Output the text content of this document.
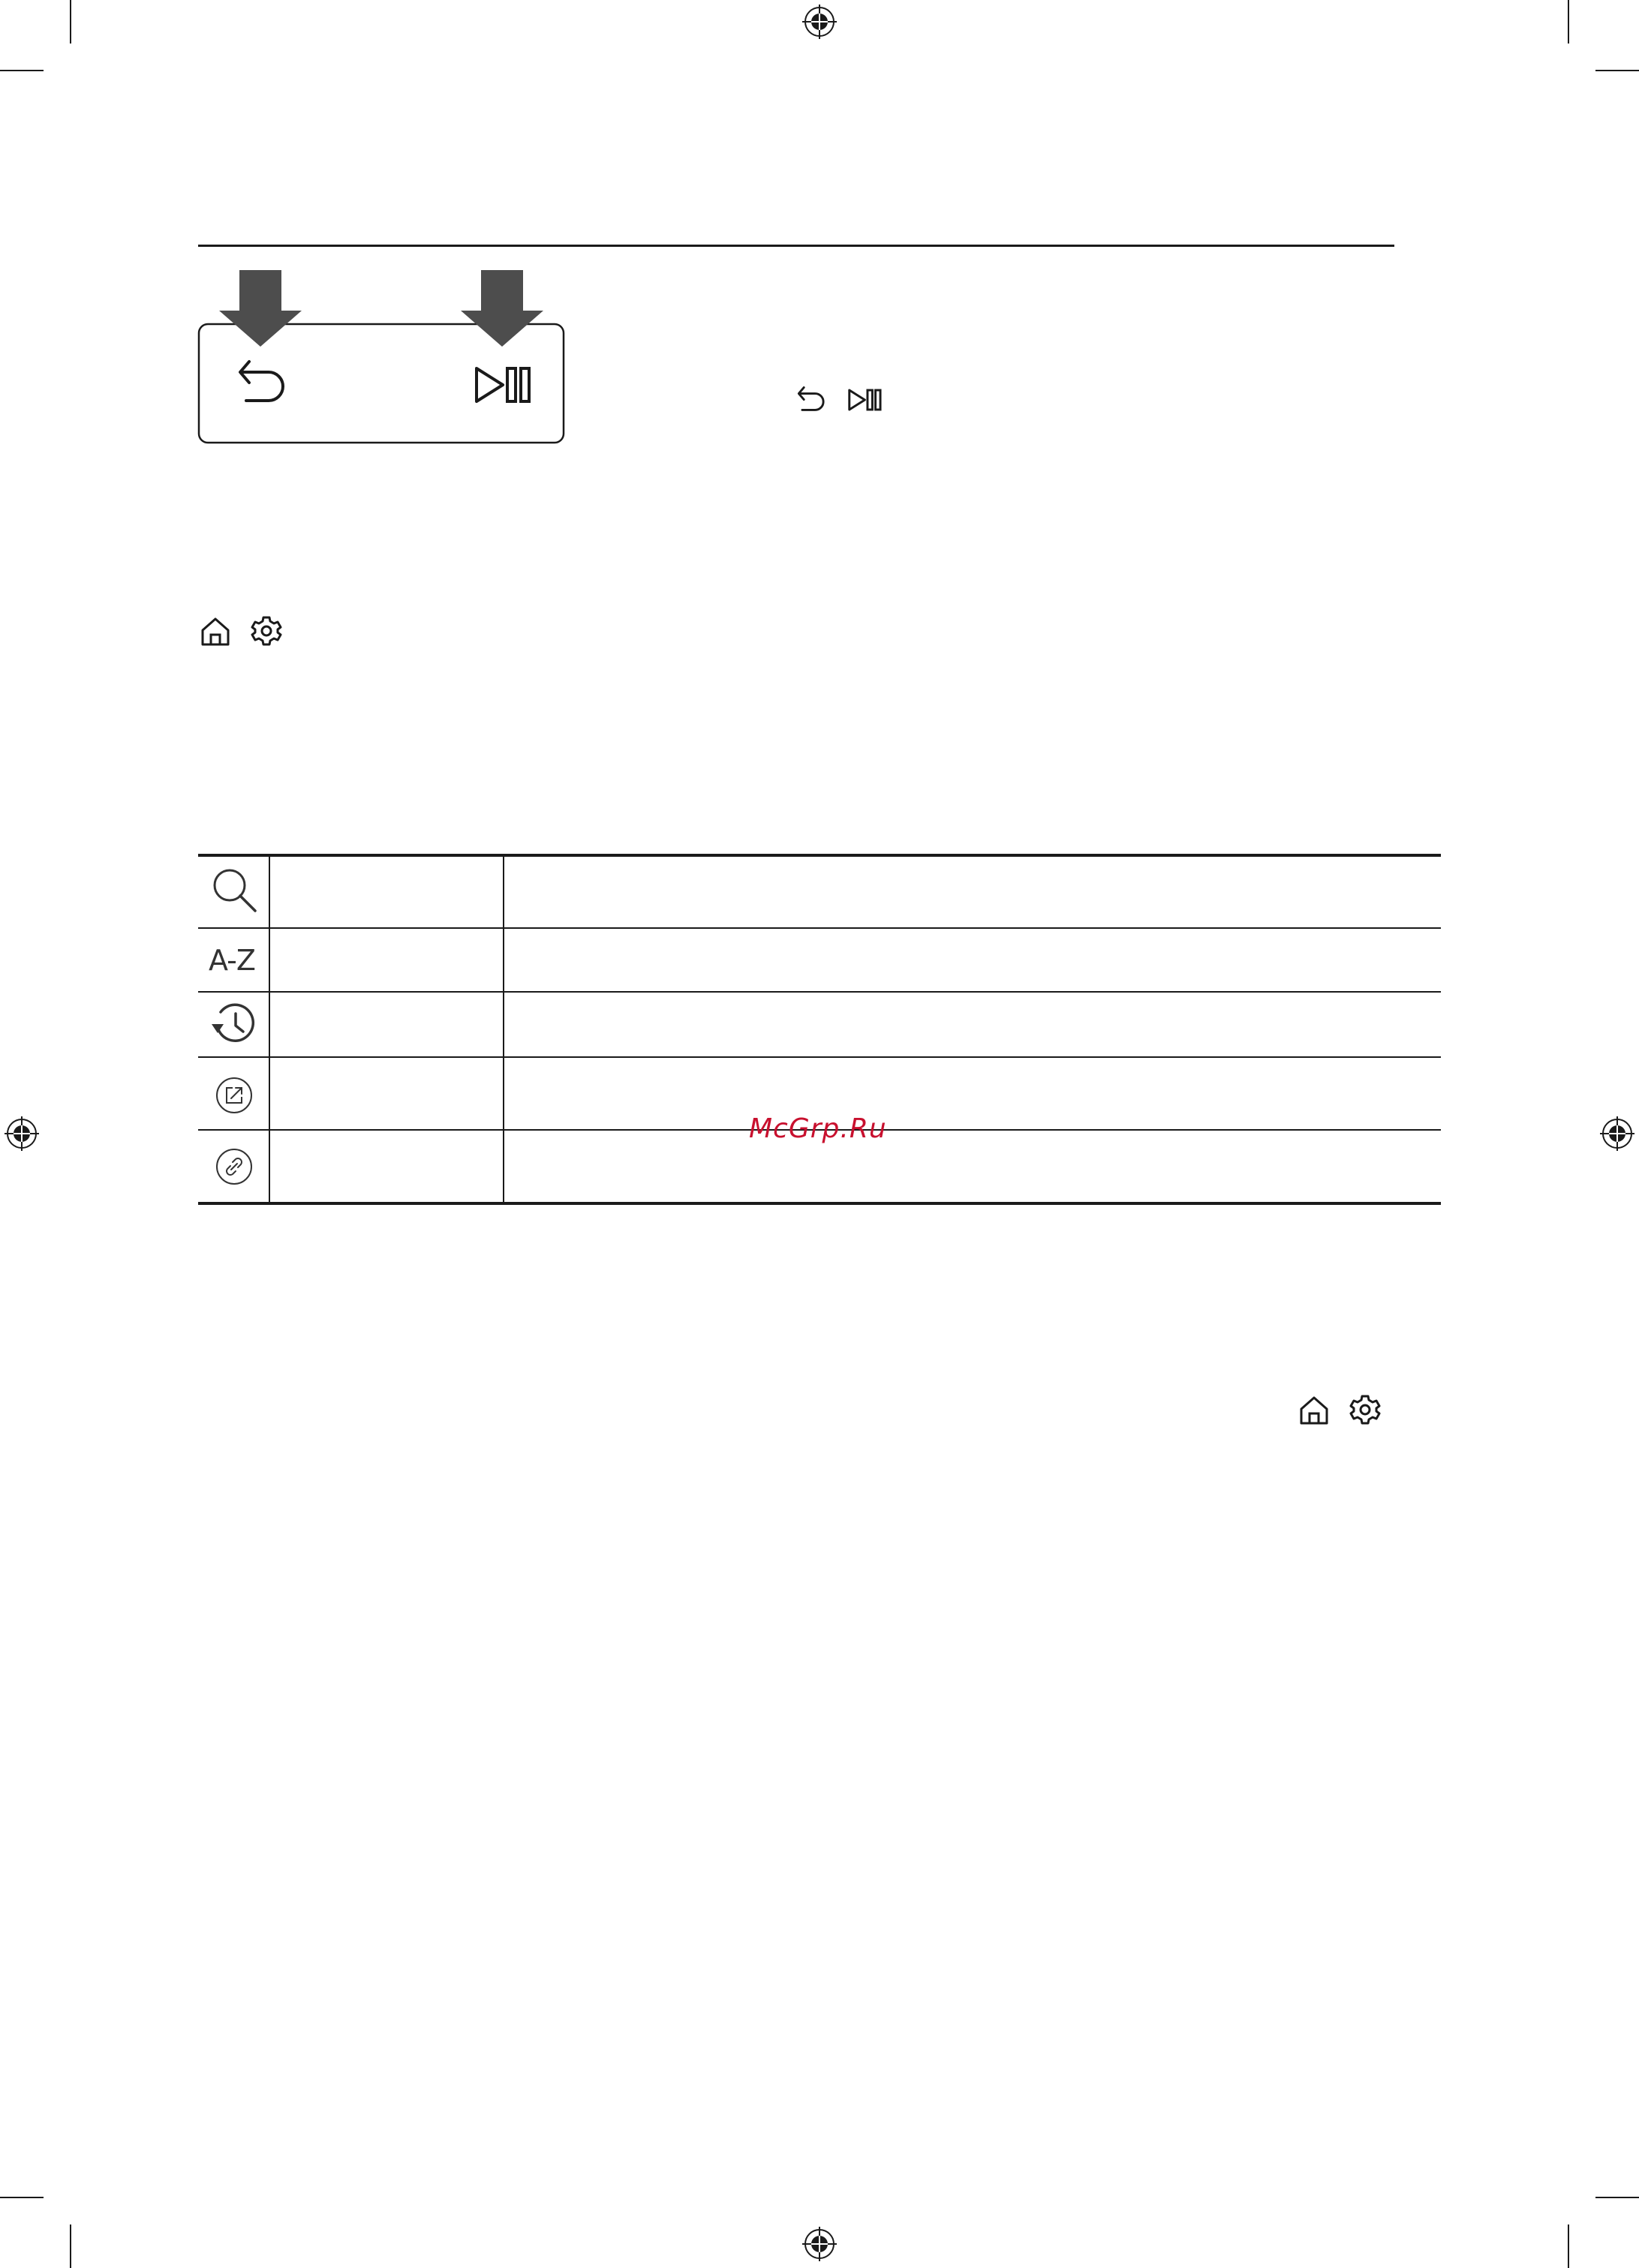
A-Z
McGrp.Ru
